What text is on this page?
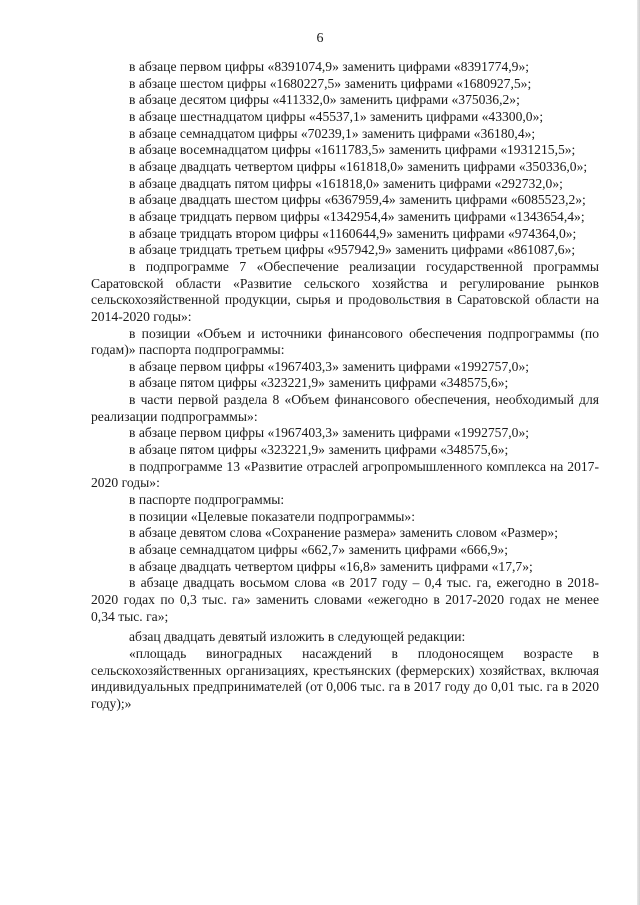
6

в абзаце первом цифры «8391074,9» заменить цифрами «8391774,9»;

в абзаце шестом цифры «1680227,5» заменить цифрами «1680927,5»;

в абзаце десятом цифры «411332,0» заменить цифрами «375036,2»;

в абзаце шестнадцатом цифры «45537,1» заменить цифрами «43300,0»;

в абзаце семнадцатом цифры «70239,1» заменить цифрами «36180,4»;

в абзаце восемнадцатом цифры «1611783,5» заменить цифрами «1931215,5»;

в абзаце двадцать четвертом цифры «161818,0» заменить цифрами «350336,0»;

в абзаце двадцать пятом цифры «161818,0» заменить цифрами «292732,0»;

в абзаце двадцать шестом цифры «6367959,4» заменить цифрами «6085523,2»;

в абзаце тридцать первом цифры «1342954,4» заменить цифрами «1343654,4»;

в абзаце тридцать втором цифры «1160644,9» заменить цифрами «974364,0»;

в абзаце тридцать третьем цифры «957942,9» заменить цифрами «861087,6»;

в подпрограмме 7 «Обеспечение реализации государственной программы Саратовской области «Развитие сельского хозяйства и регулирование рынков сельскохозяйственной продукции, сырья и продовольствия в Саратовской области на 2014-2020 годы»:

в позиции «Объем и источники финансового обеспечения подпрограммы (по годам)» паспорта подпрограммы:

в абзаце первом цифры «1967403,3» заменить цифрами «1992757,0»;

в абзаце пятом цифры «323221,9» заменить цифрами «348575,6»;

в части первой раздела 8 «Объем финансового обеспечения, необходимый для реализации подпрограммы»:

в абзаце первом цифры «1967403,3» заменить цифрами «1992757,0»;

в абзаце пятом цифры «323221,9» заменить цифрами «348575,6»;

в подпрограмме 13 «Развитие отраслей агропромышленного комплекса на 2017-2020 годы»:

в паспорте подпрограммы:

в позиции «Целевые показатели подпрограммы»:

в абзаце девятом слова «Сохранение размера» заменить словом «Размер»;

в абзаце семнадцатом цифры «662,7» заменить цифрами «666,9»;

в абзаце двадцать четвертом цифры «16,8» заменить цифрами «17,7»;

в абзаце двадцать восьмом слова «в 2017 году – 0,4 тыс. га, ежегодно в 2018-2020 годах по 0,3 тыс. га» заменить словами «ежегодно в 2017-2020 годах не менее 0,34 тыс. га»;

абзац двадцать девятый изложить в следующей редакции:

«площадь виноградных насаждений в плодоносящем возрасте в сельскохозяйственных организациях, крестьянских (фермерских) хозяйствах, включая индивидуальных предпринимателей (от 0,006 тыс. га в 2017 году до 0,01 тыс. га в 2020 году);»
